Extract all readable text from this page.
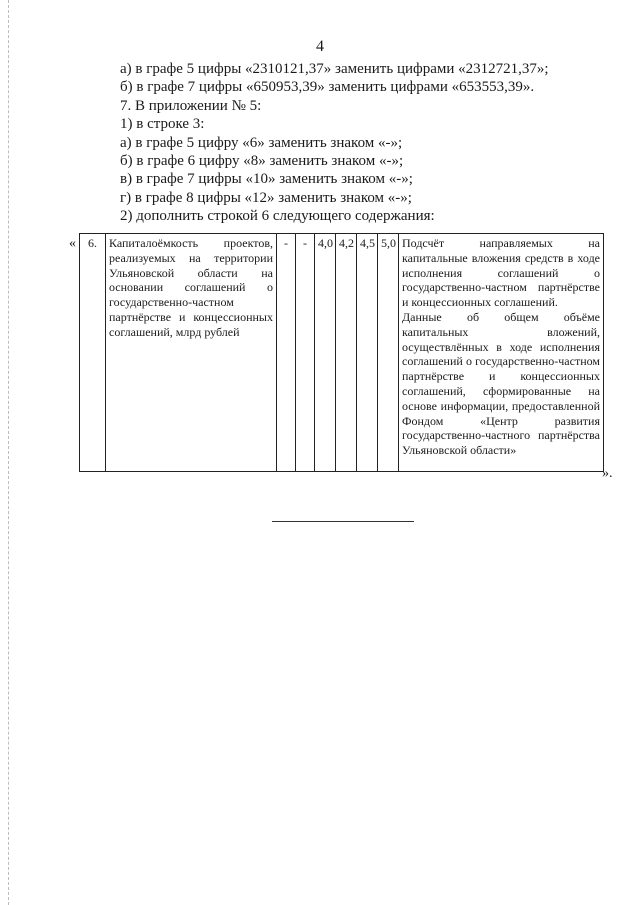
4
а) в графе 5 цифры «2310121,37» заменить цифрами «2312721,37»;
б) в графе 7 цифры «650953,39» заменить цифрами «653553,39».
7. В приложении № 5:
1) в строке 3:
а) в графе 5 цифру «6» заменить знаком «-»;
б) в графе 6 цифру «8» заменить знаком «-»;
в) в графе 7 цифры «10» заменить знаком «-»;
г) в графе 8 цифры «12» заменить знаком «-»;
2) дополнить строкой 6 следующего содержания:
« 6.	Капиталоёмкость проектов, реализуемых на территории Ульяновской области на основании соглашений о государственно-частном партнёрстве и концессионных соглашений, млрд рублей	-	-	4,0	4,2	4,5	5,0	Подсчёт направляемых на капитальные вложения средств в ходе исполнения соглашений о государственно-частном партнёрстве и концессионных соглашений.
Данные об общем объёме капитальных вложений, осуществлённых в ходе исполнения соглашений о государственно-частном партнёрстве и концессионных соглашений, сформированные на основе информации, предоставленной Фондом «Центр развития государственно-частного партнёрства Ульяновской области»
».
